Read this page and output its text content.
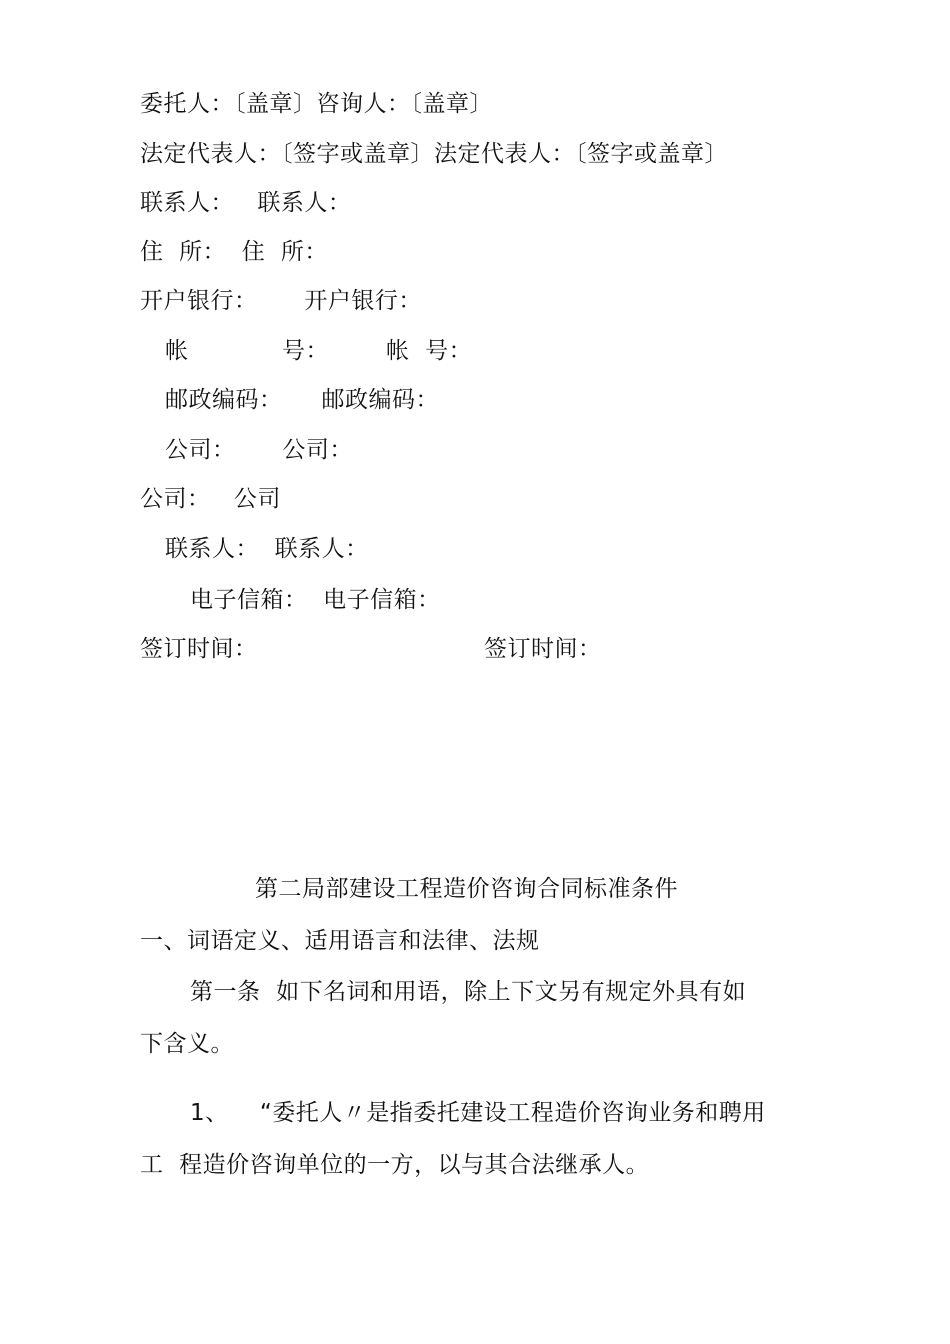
委托人：〔盖章〕咨询人：〔盖章〕
法定代表人：〔签字或盖章〕法定代表人：〔签字或盖章〕
联系人：   联系人：
住  所：  住  所：
开户银行：      开户银行：
帐	号： 帐  号：
邮政编码：     邮政编码：
公司：      公司：
公司：   公司
联系人：  联系人：
电子信箱：  电子信箱：
签订时间：	签订时间：
第二局部建设工程造价咨询合同标准条件
一、词语定义、适用语言和法律、法规
第一条  如下名词和用语，除上下文另有规定外具有如
下含义。
1、    “委托人〃是指委托建设工程造价咨询业务和聘用
工  程造价咨询单位的一方，以与其合法继承人。
